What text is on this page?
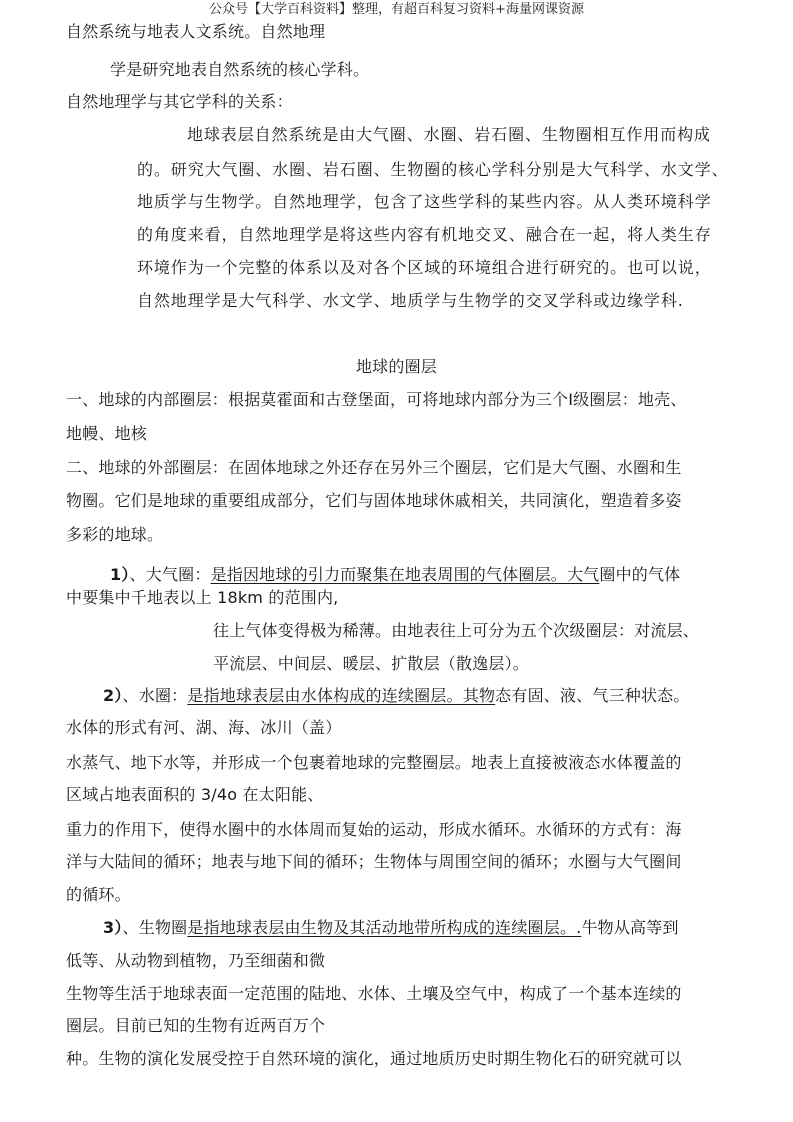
公众号【大学百科资料】整理，有超百科复习资料+海量网课资源
自然系统与地表人文系统。自然地理
学是研究地表自然系统的核心学科。
自然地理学与其它学科的关系：
地球表层自然系统是由大气圈、水圈、岩石圈、生物圈相互作用而构成
的。研究大气圈、水圈、岩石圈、生物圈的核心学科分别是大气科学、水文学、
地质学与生物学。自然地理学，包含了这些学科的某些内容。从人类环境科学
的角度来看，自然地理学是将这些内容有机地交叉、融合在一起，将人类生存
环境作为一个完整的体系以及对各个区域的环境组合进行研究的。也可以说，
自然地理学是大气科学、水文学、地质学与生物学的交叉学科或边缘学科.
地球的圈层
一、地球的内部圈层：根据莫霍面和古登堡面，可将地球内部分为三个Ⅰ级圈层：地壳、
地幔、地核
二、地球的外部圈层：在固体地球之外还存在另外三个圈层，它们是大气圈、水圈和生
物圈。它们是地球的重要组成部分，它们与固体地球休戚相关，共同演化，塑造着多姿
多彩的地球。
1）、大气圈：是指因地球的引力而聚集在地表周围的气体圈层。大气圈中的气体
中要集中千地表以上 18km 的范围内,
往上气体变得极为稀薄。由地表往上可分为五个次级圈层：对流层、
平流层、中间层、暖层、扩散层（散逸层）。
2）、水圈：是指地球表层由水体构成的连续圈层。其物态有固、液、气三种状态。
水体的形式有河、湖、海、冰川（盖）
水蒸气、地下水等，并形成一个包裹着地球的完整圈层。地表上直接被液态水体覆盖的
区域占地表面积的 3/4o 在太阳能、
重力的作用下，使得水圈中的水体周而复始的运动，形成水循环。水循环的方式有：海
洋与大陆间的循环；地表与地下间的循环；生物体与周围空间的循环；水圈与大气圈间
的循环。
3）、生物圈是指地球表层由生物及其活动地带所构成的连续圈层。.牛物从高等到
低等、从动物到植物，乃至细菌和微
生物等生活于地球表面一定范围的陆地、水体、土壤及空气中，构成了一个基本连续的
圈层。目前已知的生物有近两百万个
种。生物的演化发展受控于自然环境的演化，通过地质历史时期生物化石的研究就可以
